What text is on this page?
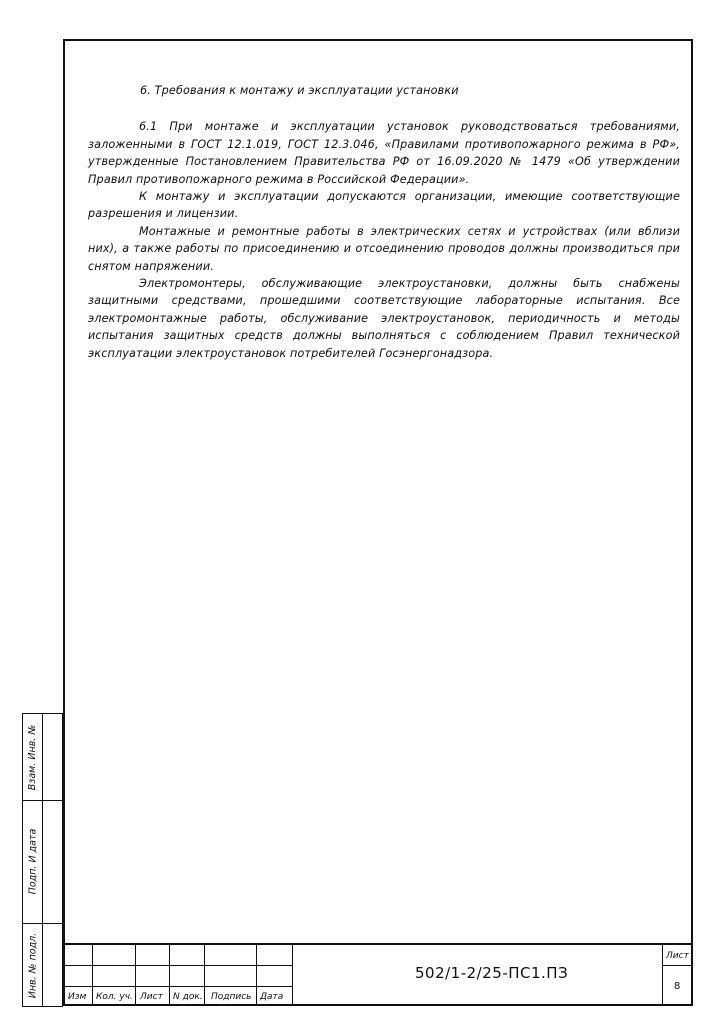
6. Требования к монтажу и эксплуатации установки

6.1 При монтаже и эксплуатации установок руководствоваться требованиями, заложенными в ГОСТ 12.1.019, ГОСТ 12.3.046, «Правилами противопожарного режима в РФ», утвержденные Постановлением Правительства РФ от 16.09.2020 № 1479 «Об утверждении Правил противопожарного режима в Российской Федерации».

К монтажу и эксплуатации допускаются организации, имеющие соответствующие разрешения и лицензии.

Монтажные и ремонтные работы в электрических сетях и устройствах (или вблизи них), а также работы по присоединению и отсоединению проводов должны производиться при снятом напряжении.

Электромонтеры, обслуживающие электроустановки, должны быть снабжены защитными средствами, прошедшими соответствующие лабораторные испытания. Все электромонтажные работы, обслуживание электроустановок, периодичность и методы испытания защитных средств должны выполняться с соблюдением Правил технической эксплуатации электроустановок потребителей Госэнергонадзора.

Взам. Инв. №
Подп. И дата
Инв. № подл.	Изм Кол. уч. Лист N док. Подпись Дата
502/1-2/25-ПС1.ПЗ
Лист
8
